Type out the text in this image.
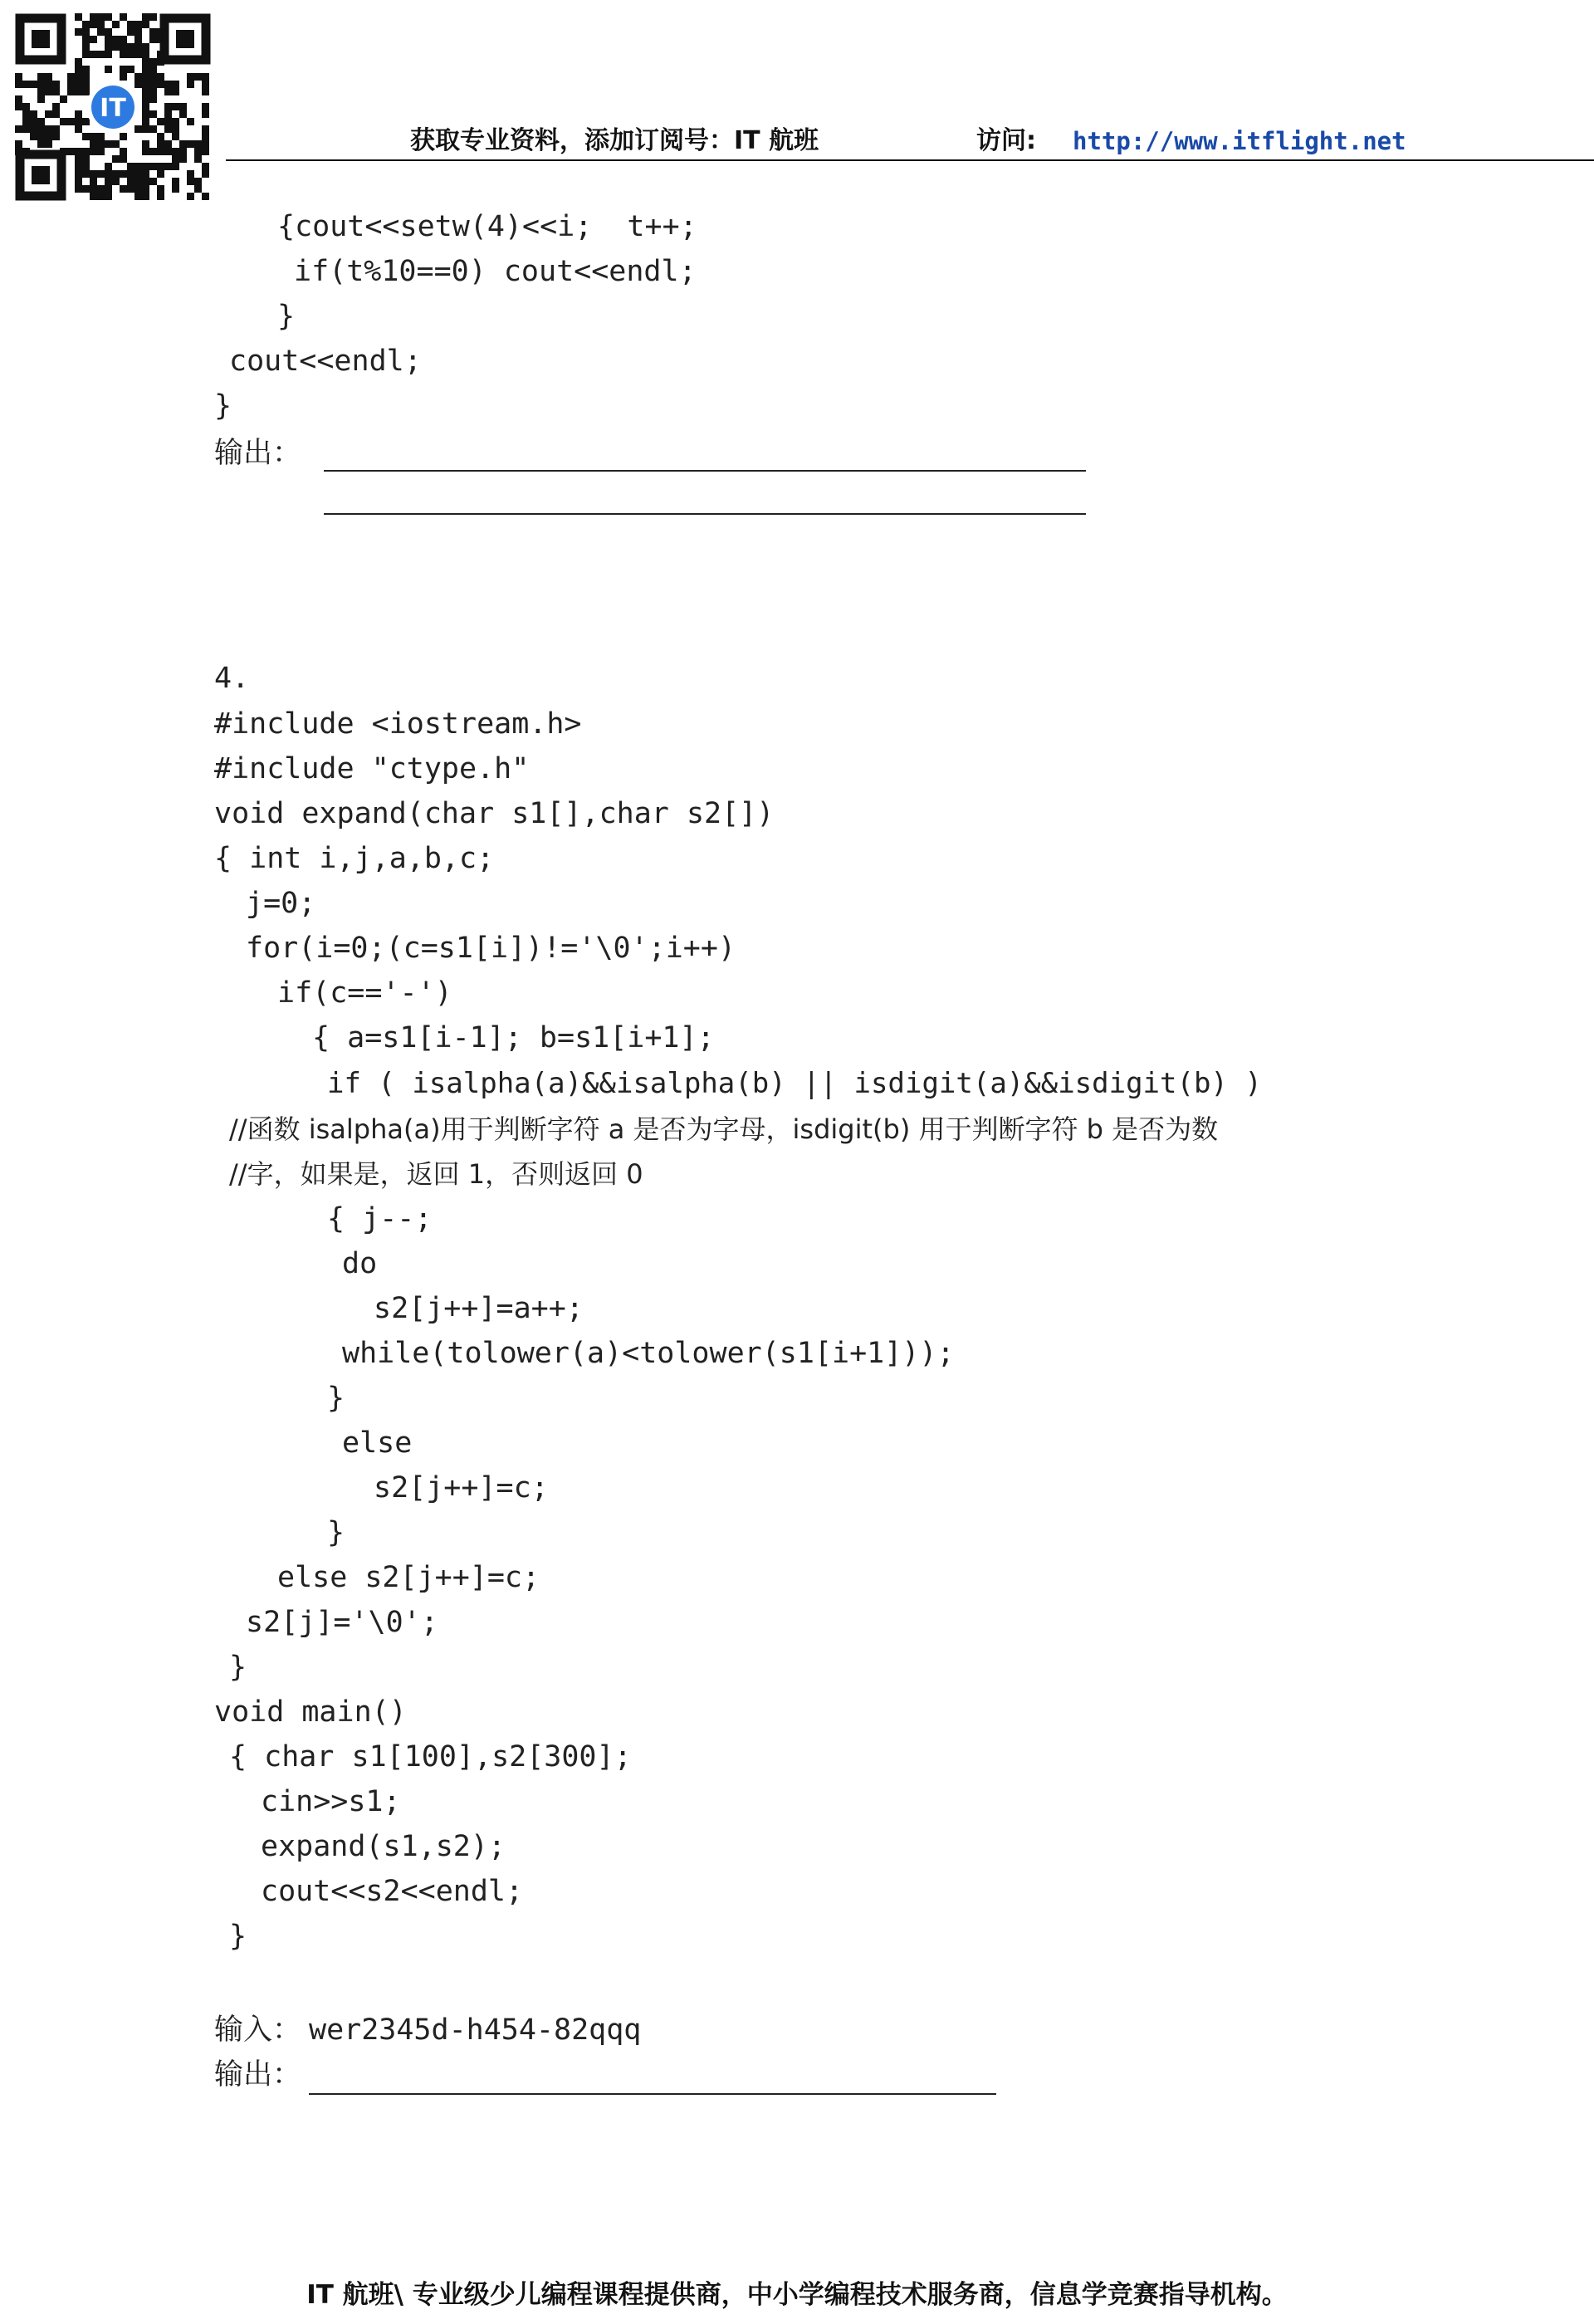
IT
获取专业资料，添加订阅号：IT 航班	访问: http://www.itflight.net
{cout<<setw(4)<<i;  t++;
if(t%10==0) cout<<endl;
}
cout<<endl;
}
输出：
4.
#include <iostream.h>
#include "ctype.h"
void expand(char s1[],char s2[])
{ int i,j,a,b,c;
j=0;
for(i=0;(c=s1[i])!='\0';i++)
if(c=='-')
{ a=s1[i-1]; b=s1[i+1];
if ( isalpha(a)&&isalpha(b) || isdigit(a)&&isdigit(b) )
//函数 isalpha(a)用于判断字符 a 是否为字母，isdigit(b) 用于判断字符 b 是否为数
//字，如果是，返回 1，否则返回 0
{ j--;
do
s2[j++]=a++;
while(tolower(a)<tolower(s1[i+1]));
}
else
s2[j++]=c;
}
else s2[j++]=c;
s2[j]='\0';
}
void main()
{ char s1[100],s2[300];
cin>>s1;
expand(s1,s2);
cout<<s2<<endl;
}
输入： wer2345d-h454-82qqq
输出：
IT 航班\ 专业级少儿编程课程提供商，中小学编程技术服务商，信息学竞赛指导机构。
